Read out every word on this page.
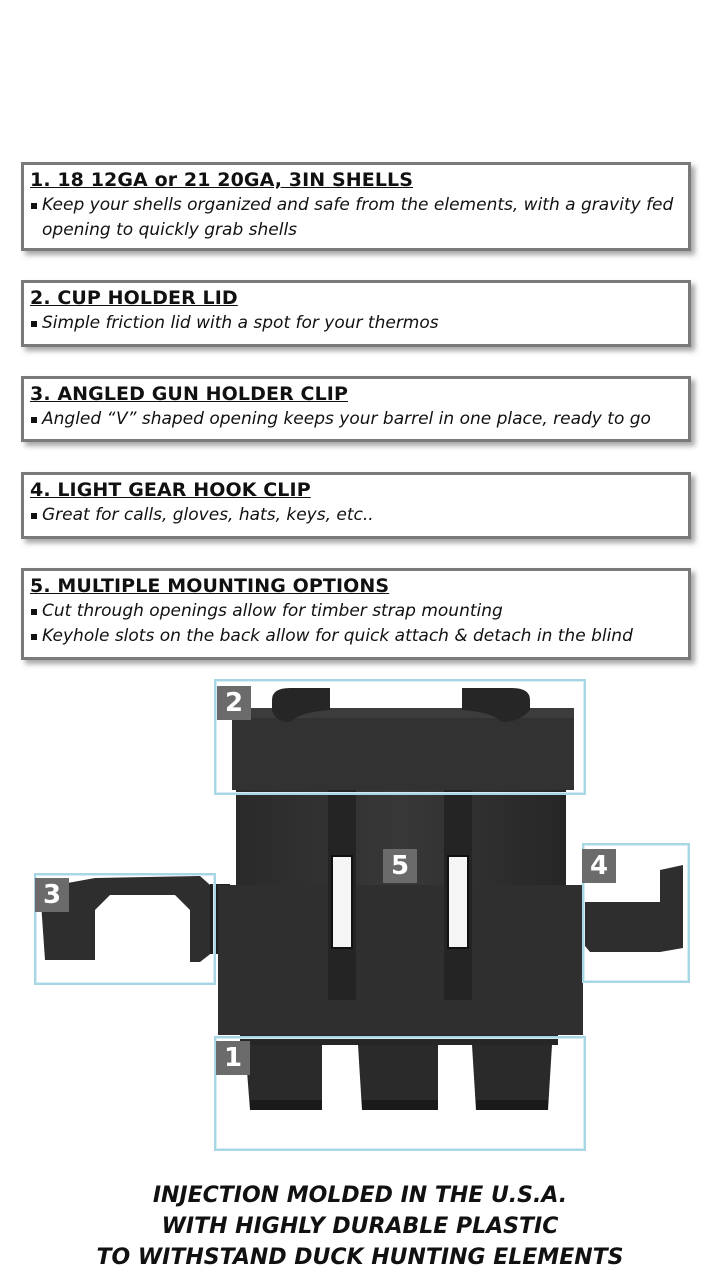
1. 18 12GA or 21 20GA, 3IN SHELLS
Keep your shells organized and safe from the elements, with a gravity fed opening to quickly grab shells
2. CUP HOLDER LID
Simple friction lid with a spot for your thermos
3. ANGLED GUN HOLDER CLIP
Angled “V” shaped opening keeps your barrel in one place, ready to go
4. LIGHT GEAR HOOK CLIP
Great for calls, gloves, hats, keys, etc..
5. MULTIPLE MOUNTING OPTIONS
Cut through openings allow for timber strap mounting
Keyhole slots on the back allow for quick attach & detach in the blind
1
2
3
4
5
INJECTION MOLDED IN THE U.S.A.
WITH HIGHLY DURABLE PLASTIC
TO WITHSTAND DUCK HUNTING ELEMENTS
